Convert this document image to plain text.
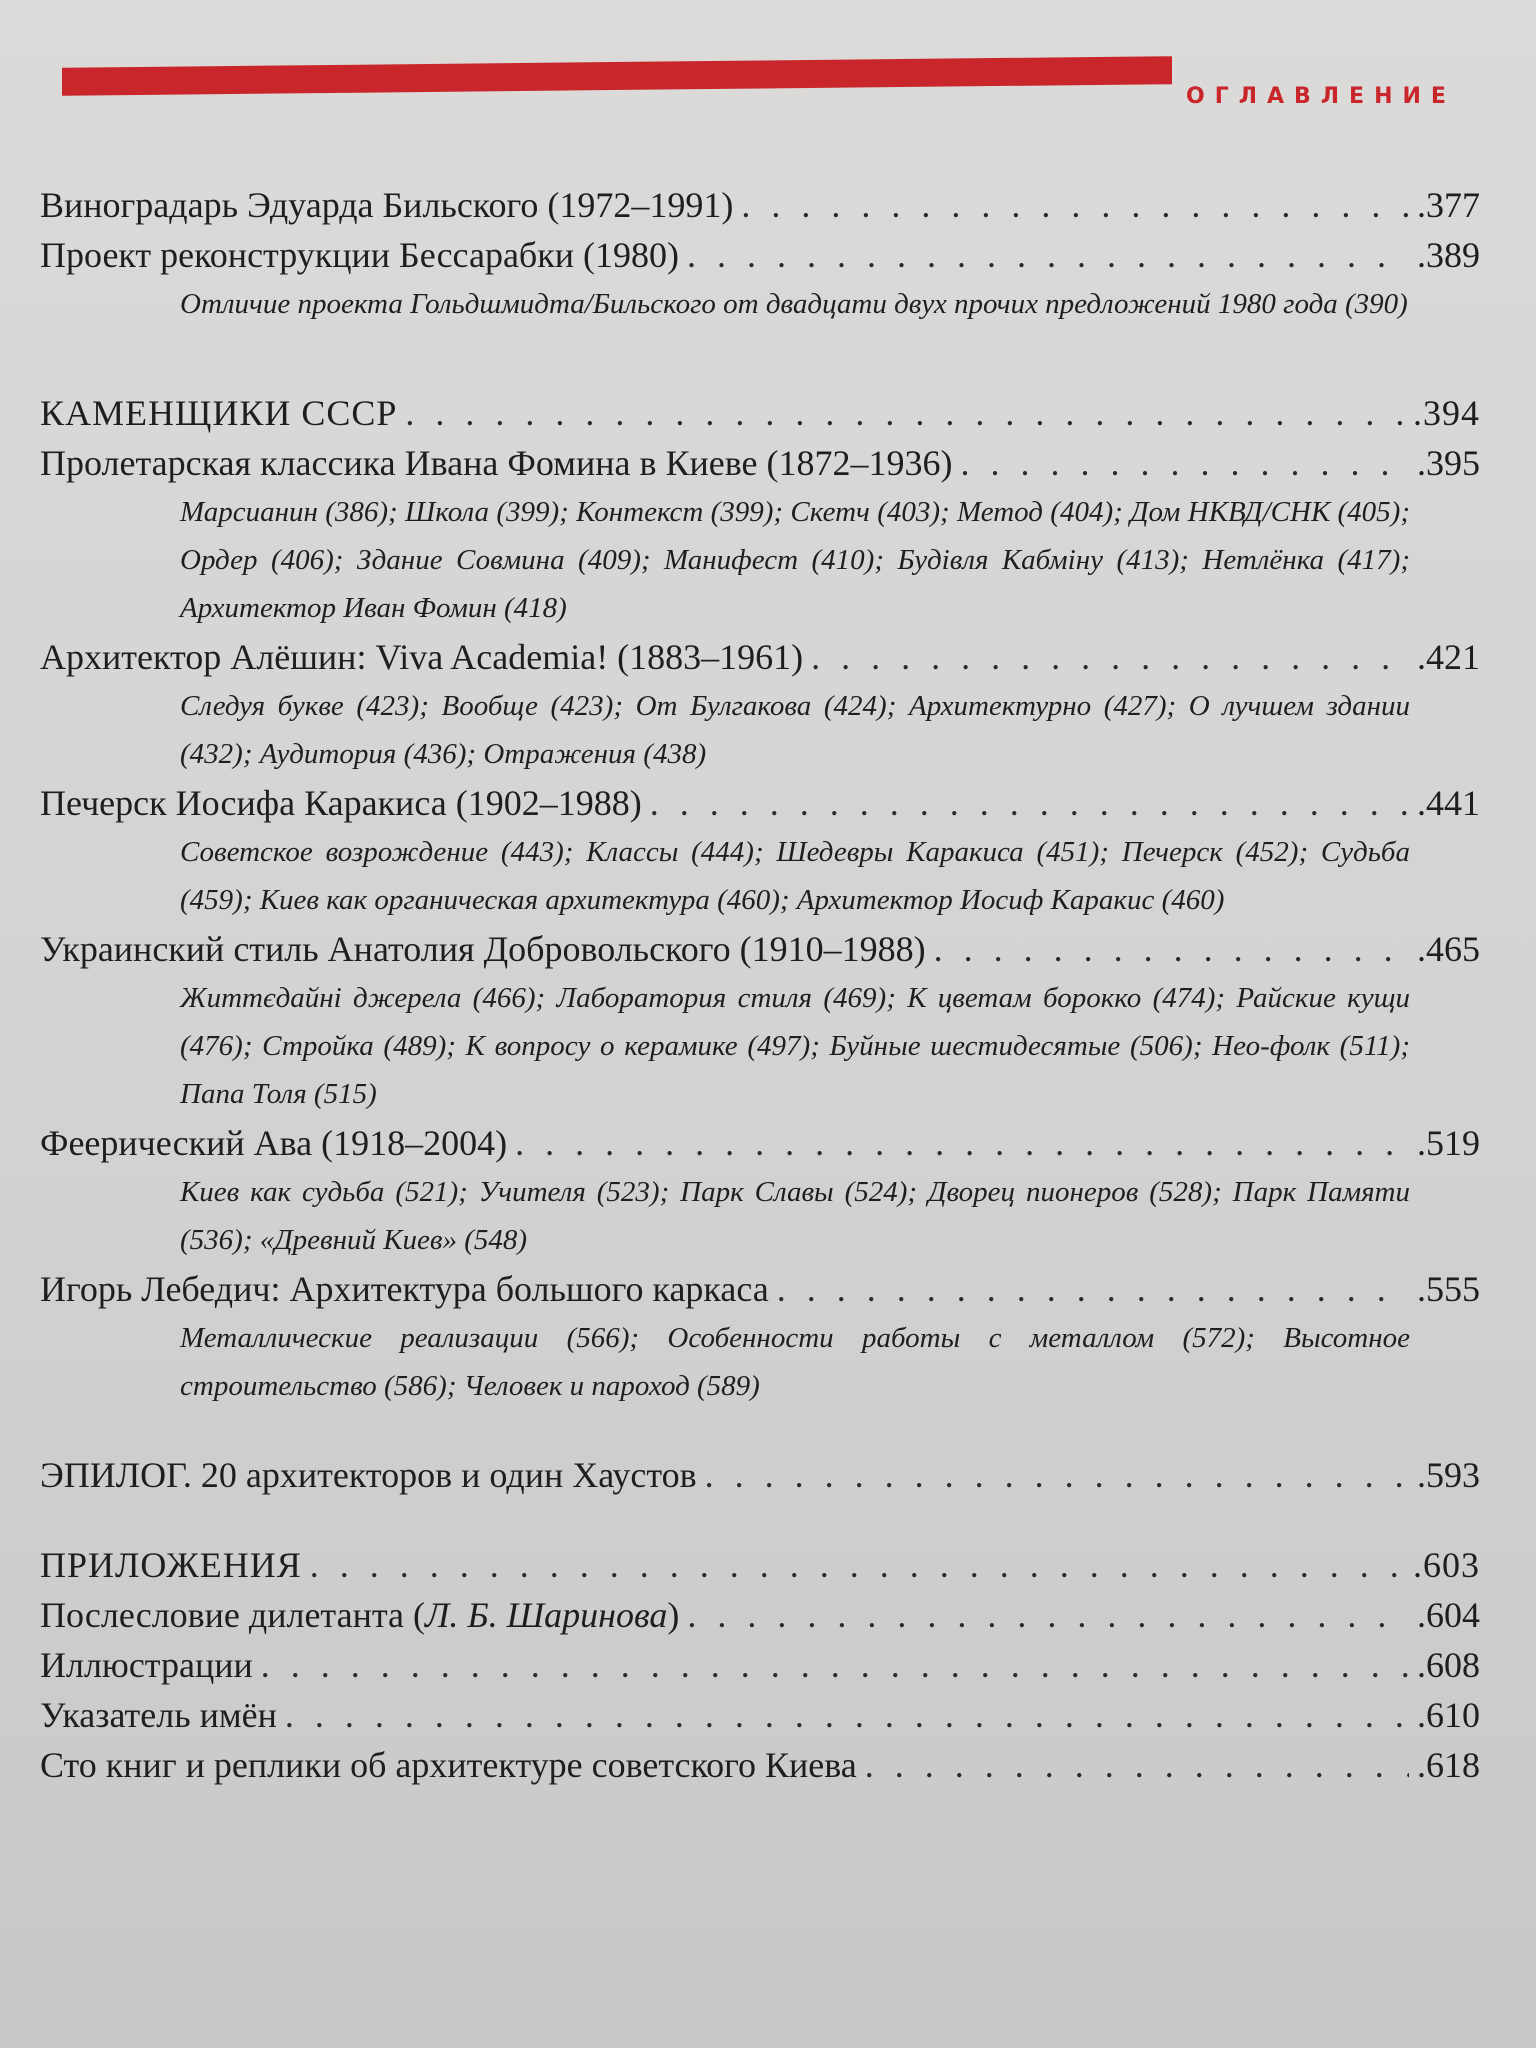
ОГЛАВЛЕНИЕ
Виноградарь Эдуарда Бильского (1972–1991) . . .	.377
Проект реконструкции Бессарабки (1980) . . .	.389
Отличие проекта Гольдшмидта/Бильского от двадцати двух прочих предложений 1980 года (390)
КАМЕНЩИКИ СССР . . .	.394
Пролетарская классика Ивана Фомина в Киеве (1872–1936) . . .	.395
Марсианин (386); Школа (399); Контекст (399); Скетч (403); Метод (404); Дом НКВД/СНК (405); Ордер (406); Здание Совмина (409); Манифест (410); Будівля Кабміну (413); Нетлёнка (417); Архитектор Иван Фомин (418)
Архитектор Алёшин: Viva Academia! (1883–1961) . . .	.421
Следуя букве (423); Вообще (423); От Булгакова (424); Архитектурно (427); О лучшем здании (432); Аудитория (436); Отражения (438)
Печерск Иосифа Каракиса (1902–1988) . . .	.441
Советское возрождение (443); Классы (444); Шедевры Каракиса (451); Печерск (452); Судьба (459); Киев как органическая архитектура (460); Архитектор Иосиф Каракис (460)
Украинский стиль Анатолия Добровольского (1910–1988) . . .	.465
Життєдайні джерела (466); Лаборатория стиля (469); К цветам борокко (474); Райские кущи (476); Стройка (489); К вопросу о керамике (497); Буйные шестидесятые (506); Нео-фолк (511); Папа Толя (515)
Феерический Ава (1918–2004) . . .	.519
Киев как судьба (521); Учителя (523); Парк Славы (524); Дворец пионеров (528); Парк Памяти (536); «Древний Киев» (548)
Игорь Лебедич: Архитектура большого каркаса . . .	.555
Металлические реализации (566); Особенности работы с металлом (572); Высотное строительство (586); Человек и пароход (589)
ЭПИЛОГ. 20 архитекторов и один Хаустов . . .	.593
ПРИЛОЖЕНИЯ . . .	.603
Послесловие дилетанта (Л. Б. Шаринова) . . .	.604
Иллюстрации . . .	.608
Указатель имён . . .	.610
Сто книг и реплики об архитектуре советского Киева . . .	.618
